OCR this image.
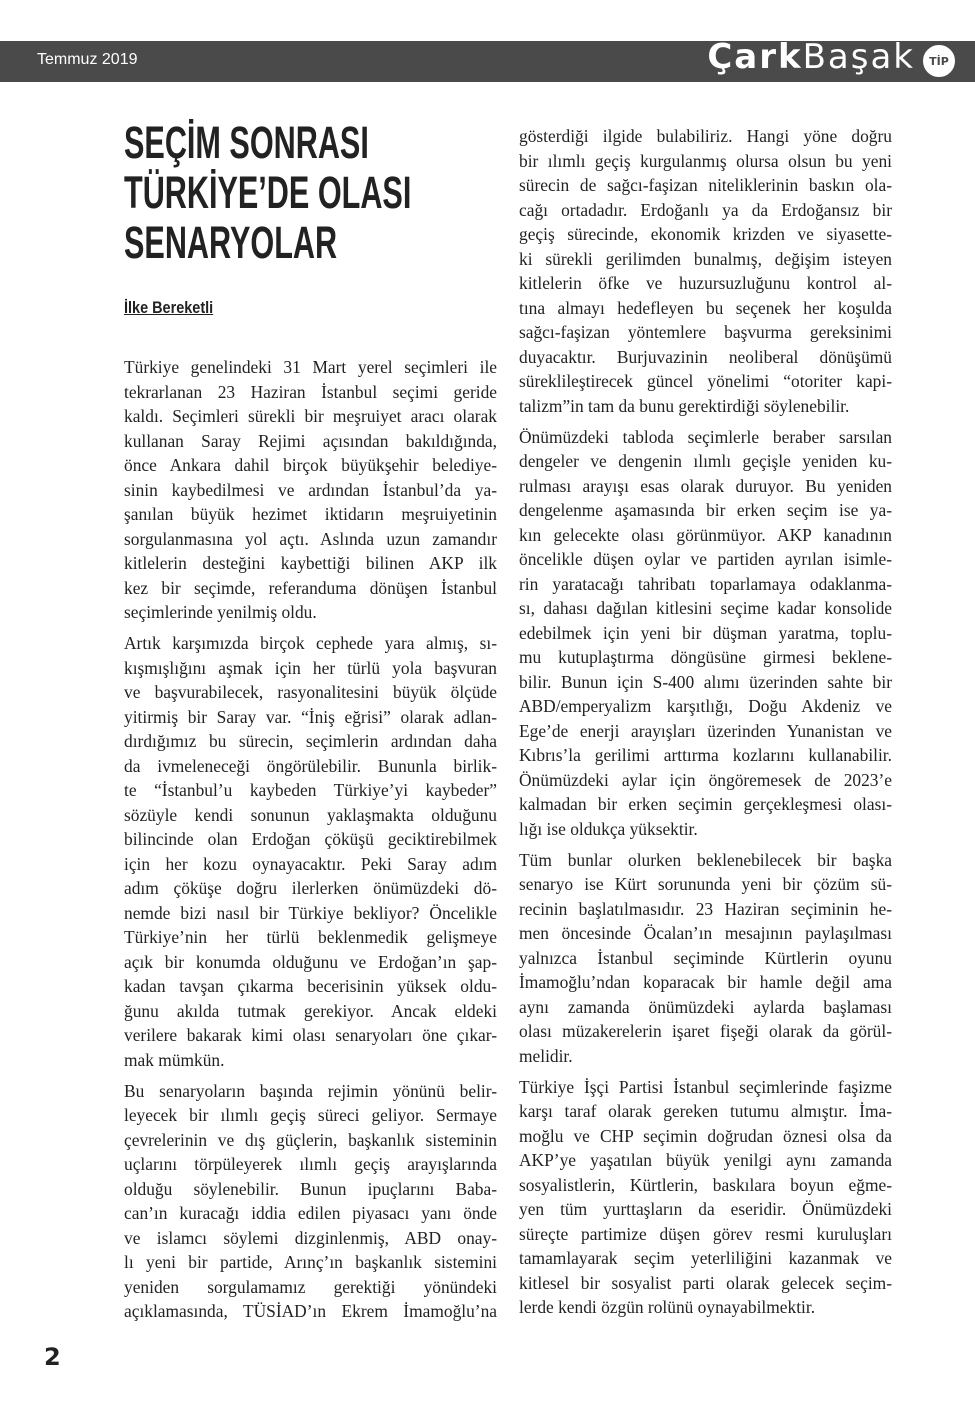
Temmuz 2019	ÇarkBaşak TİP
SEÇİM SONRASI
TÜRKİYE’DE OLASI
SENARYOLAR
İlke Bereketli
Türkiye genelindeki 31 Mart yerel seçimleri ile
tekrarlanan 23 Haziran İstanbul seçimi geride
kaldı. Seçimleri sürekli bir meşruiyet aracı olarak
kullanan Saray Rejimi açısından bakıldığında,
önce Ankara dahil birçok büyükşehir belediye-
sinin kaybedilmesi ve ardından İstanbul’da ya-
şanılan büyük hezimet iktidarın meşruiyetinin
sorgulanmasına yol açtı. Aslında uzun zamandır
kitlelerin desteğini kaybettiği bilinen AKP ilk
kez bir seçimde, referanduma dönüşen İstanbul
seçimlerinde yenilmiş oldu.
Artık karşımızda birçok cephede yara almış, sı-
kışmışlığını aşmak için her türlü yola başvuran
ve başvurabilecek, rasyonalitesini büyük ölçüde
yitirmiş bir Saray var. “İniş eğrisi” olarak adlan-
dırdığımız bu sürecin, seçimlerin ardından daha
da ivmeleneceği öngörülebilir. Bununla birlik-
te “İstanbul’u kaybeden Türkiye’yi kaybeder”
sözüyle kendi sonunun yaklaşmakta olduğunu
bilincinde olan Erdoğan çöküşü geciktirebilmek
için her kozu oynayacaktır. Peki Saray adım
adım çöküşe doğru ilerlerken önümüzdeki dö-
nemde bizi nasıl bir Türkiye bekliyor? Öncelikle
Türkiye’nin her türlü beklenmedik gelişmeye
açık bir konumda olduğunu ve Erdoğan’ın şap-
kadan tavşan çıkarma becerisinin yüksek oldu-
ğunu akılda tutmak gerekiyor. Ancak eldeki
verilere bakarak kimi olası senaryoları öne çıkar-
mak mümkün.
Bu senaryoların başında rejimin yönünü belir-
leyecek bir ılımlı geçiş süreci geliyor. Sermaye
çevrelerinin ve dış güçlerin, başkanlık sisteminin
uçlarını törpüleyerek ılımlı geçiş arayışlarında
olduğu söylenebilir. Bunun ipuçlarını Baba-
can’ın kuracağı iddia edilen piyasacı yanı önde
ve islamcı söylemi dizginlenmiş, ABD onay-
lı yeni bir partide, Arınç’ın başkanlık sistemini
yeniden sorgulamamız gerektiği yönündeki
açıklamasında, TÜSİAD’ın Ekrem İmamoğlu’na
gösterdiği ilgide bulabiliriz. Hangi yöne doğru
bir ılımlı geçiş kurgulanmış olursa olsun bu yeni
sürecin de sağcı-faşizan niteliklerinin baskın ola-
cağı ortadadır. Erdoğanlı ya da Erdoğansız bir
geçiş sürecinde, ekonomik krizden ve siyasette-
ki sürekli gerilimden bunalmış, değişim isteyen
kitlelerin öfke ve huzursuzluğunu kontrol al-
tına almayı hedefleyen bu seçenek her koşulda
sağcı-faşizan yöntemlere başvurma gereksinimi
duyacaktır. Burjuvazinin neoliberal dönüşümü
süreklileştirecek güncel yönelimi “otoriter kapi-
talizm”in tam da bunu gerektirdiği söylenebilir.
Önümüzdeki tabloda seçimlerle beraber sarsılan
dengeler ve dengenin ılımlı geçişle yeniden ku-
rulması arayışı esas olarak duruyor. Bu yeniden
dengelenme aşamasında bir erken seçim ise ya-
kın gelecekte olası görünmüyor. AKP kanadının
öncelikle düşen oylar ve partiden ayrılan isimle-
rin yaratacağı tahribatı toparlamaya odaklanma-
sı, dahası dağılan kitlesini seçime kadar konsolide
edebilmek için yeni bir düşman yaratma, toplu-
mu kutuplaştırma döngüsüne girmesi beklene-
bilir. Bunun için S-400 alımı üzerinden sahte bir
ABD/emperyalizm karşıtlığı, Doğu Akdeniz ve
Ege’de enerji arayışları üzerinden Yunanistan ve
Kıbrıs’la gerilimi arttırma kozlarını kullanabilir.
Önümüzdeki aylar için öngöremesek de 2023’e
kalmadan bir erken seçimin gerçekleşmesi olası-
lığı ise oldukça yüksektir.
Tüm bunlar olurken beklenebilecek bir başka
senaryo ise Kürt sorununda yeni bir çözüm sü-
recinin başlatılmasıdır. 23 Haziran seçiminin he-
men öncesinde Öcalan’ın mesajının paylaşılması
yalnızca İstanbul seçiminde Kürtlerin oyunu
İmamoğlu’ndan koparacak bir hamle değil ama
aynı zamanda önümüzdeki aylarda başlaması
olası müzakerelerin işaret fişeği olarak da görül-
melidir.
Türkiye İşçi Partisi İstanbul seçimlerinde faşizme
karşı taraf olarak gereken tutumu almıştır. İma-
moğlu ve CHP seçimin doğrudan öznesi olsa da
AKP’ye yaşatılan büyük yenilgi aynı zamanda
sosyalistlerin, Kürtlerin, baskılara boyun eğme-
yen tüm yurttaşların da eseridir. Önümüzdeki
süreçte partimize düşen görev resmi kuruluşları
tamamlayarak seçim yeterliliğini kazanmak ve
kitlesel bir sosyalist parti olarak gelecek seçim-
lerde kendi özgün rolünü oynayabilmektir.
2
